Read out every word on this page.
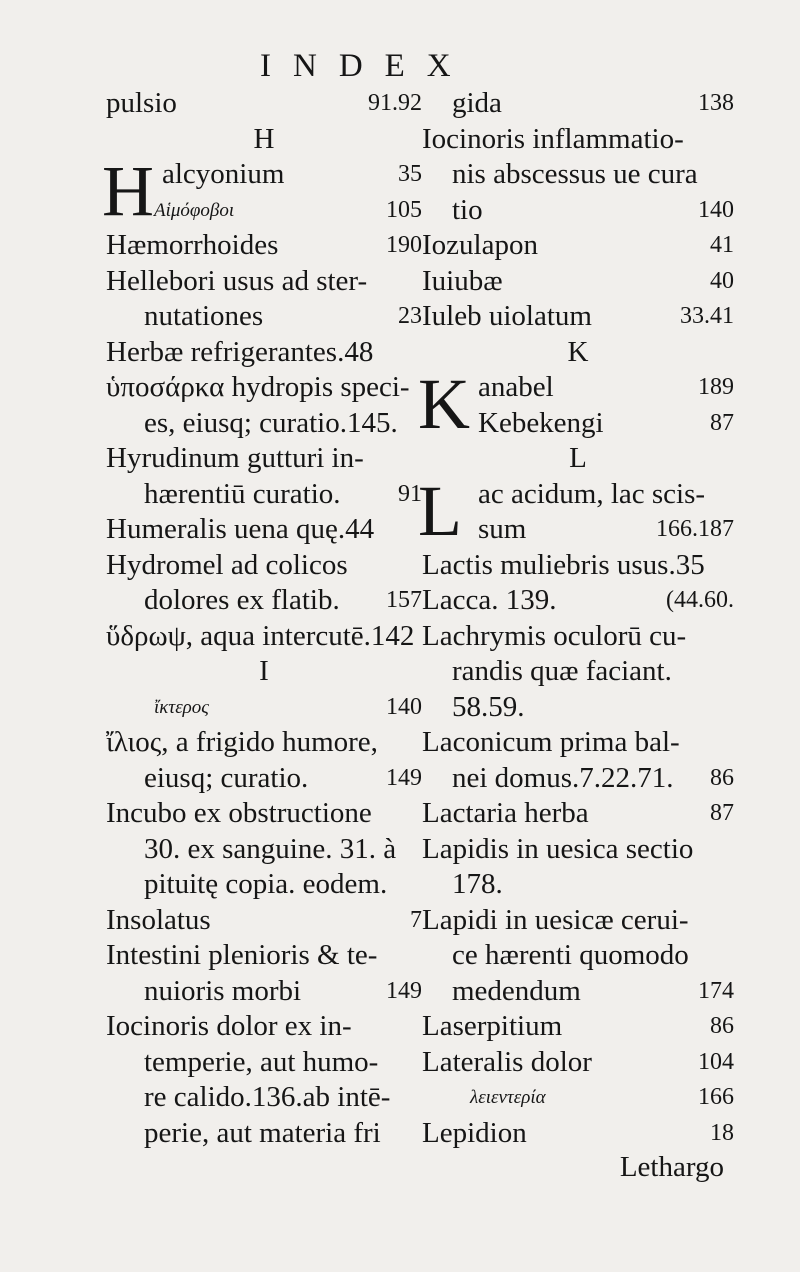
INDEX
pulsio	91.92
H
H alcyonium	35
Αἱμόφοβοι	105
Hæmorrhoides	190
Hellebori usus ad ster-
nutationes	23
Herbæ refrigerantes.48
ὑποσάρκα hydropis speci-
es, eiusq; curatio.145.
Hyrudinum gutturi in-
hærentiū curatio. 91
Humeralis uena quę.44
Hydromel ad colicos
dolores ex flatib. 157
ὕδρωψ, aqua intercutē.142
I
ἴκτερος	140
ἴλιος, a frigido humore,
eiusq; curatio.	149
Incubo ex obstructione
30. ex sanguine. 31. à
pituitę copia. eodem.
Insolatus	7
Intestini plenioris & te-
nuioris morbi	149
Iocinoris dolor ex in-
temperie, aut humo-
re calido.136.ab intē-
perie, aut materia fri
gida	138
Iocinoris inflammatio-
nis abscessus ue cura
tio	140
Iozulapon	41
Iuiubæ	40
Iuleb uiolatum	33.41
K
K anabel	189
Kebekengi	87
L
L ac acidum, lac scis-
sum	166.187
Lactis muliebris usus.35
Lacca. 139.	(44.60.
Lachrymis oculorū cu-
randis quæ faciant.
58.59.
Laconicum prima bal-
nei domus.7.22.71. 86
Lactaria herba	87
Lapidis in uesica sectio
178.
Lapidi in uesicæ cerui-
ce hærenti quomodo
medendum	174
Laserpitium	86
Lateralis dolor	104
λειεντερία	166
Lepidion	18
Lethargo
